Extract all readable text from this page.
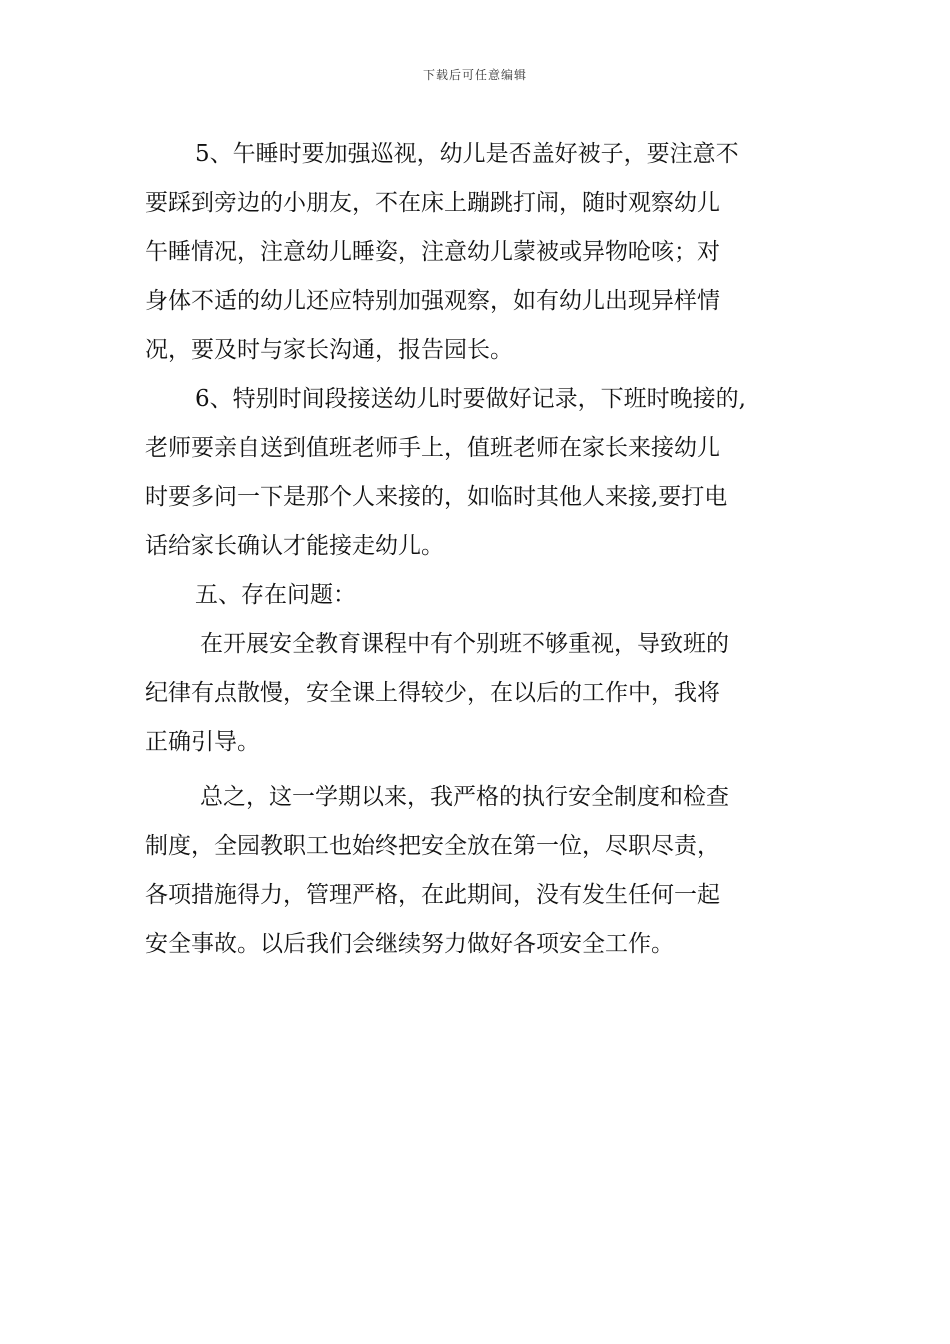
下载后可任意编辑
5、午睡时要加强巡视，幼儿是否盖好被子，要注意不
要踩到旁边的小朋友，不在床上蹦跳打闹，随时观察幼儿
午睡情况，注意幼儿睡姿，注意幼儿蒙被或异物呛咳；对
身体不适的幼儿还应特别加强观察，如有幼儿出现异样情
况，要及时与家长沟通，报告园长。
6、特别时间段接送幼儿时要做好记录，下班时晚接的,
老师要亲自送到值班老师手上，值班老师在家长来接幼儿
时要多问一下是那个人来接的，如临时其他人来接,要打电
话给家长确认才能接走幼儿。
五、存在问题：
在开展安全教育课程中有个别班不够重视，导致班的
纪律有点散慢，安全课上得较少，在以后的工作中，我将
正确引导。
总之，这一学期以来，我严格的执行安全制度和检查
制度，全园教职工也始终把安全放在第一位，尽职尽责，
各项措施得力，管理严格，在此期间，没有发生任何一起
安全事故。以后我们会继续努力做好各项安全工作。
